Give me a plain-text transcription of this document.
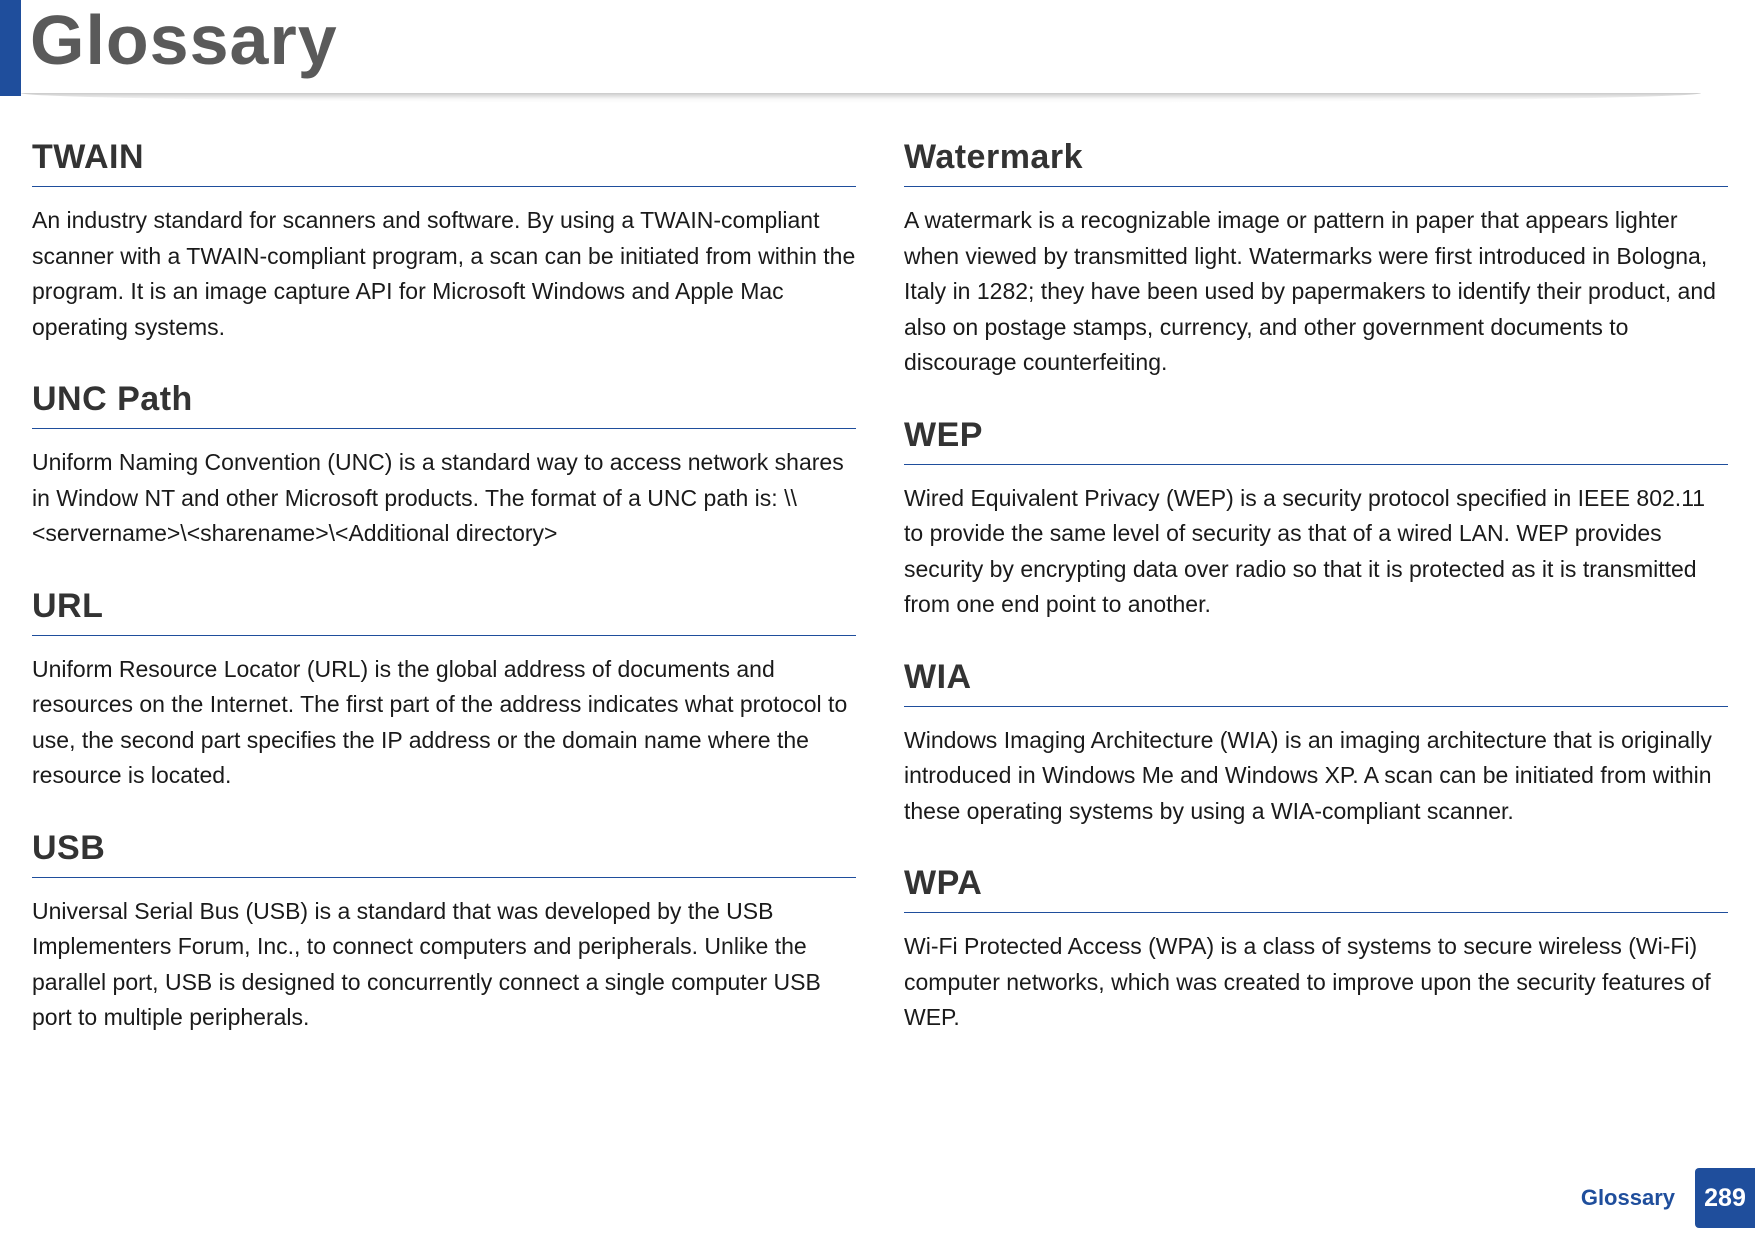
Glossary
TWAIN

An industry standard for scanners and software. By using a TWAIN-compliant scanner with a TWAIN-compliant program, a scan can be initiated from within the program. It is an image capture API for Microsoft Windows and Apple Mac operating systems.

UNC Path

Uniform Naming Convention (UNC) is a standard way to access network shares in Window NT and other Microsoft products. The format of a UNC path is: \\<servername>\<sharename>\<Additional directory>

URL

Uniform Resource Locator (URL) is the global address of documents and resources on the Internet. The first part of the address indicates what protocol to use, the second part specifies the IP address or the domain name where the resource is located.

USB

Universal Serial Bus (USB) is a standard that was developed by the USB Implementers Forum, Inc., to connect computers and peripherals. Unlike the parallel port, USB is designed to concurrently connect a single computer USB port to multiple peripherals.

Watermark

A watermark is a recognizable image or pattern in paper that appears lighter when viewed by transmitted light. Watermarks were first introduced in Bologna, Italy in 1282; they have been used by papermakers to identify their product, and also on postage stamps, currency, and other government documents to discourage counterfeiting.

WEP

Wired Equivalent Privacy (WEP) is a security protocol specified in IEEE 802.11 to provide the same level of security as that of a wired LAN. WEP provides security by encrypting data over radio so that it is protected as it is transmitted from one end point to another.

WIA

Windows Imaging Architecture (WIA) is an imaging architecture that is originally introduced in Windows Me and Windows XP. A scan can be initiated from within these operating systems by using a WIA-compliant scanner.

WPA

Wi-Fi Protected Access (WPA) is a class of systems to secure wireless (Wi-Fi) computer networks, which was created to improve upon the security features of WEP.

Glossary	289
